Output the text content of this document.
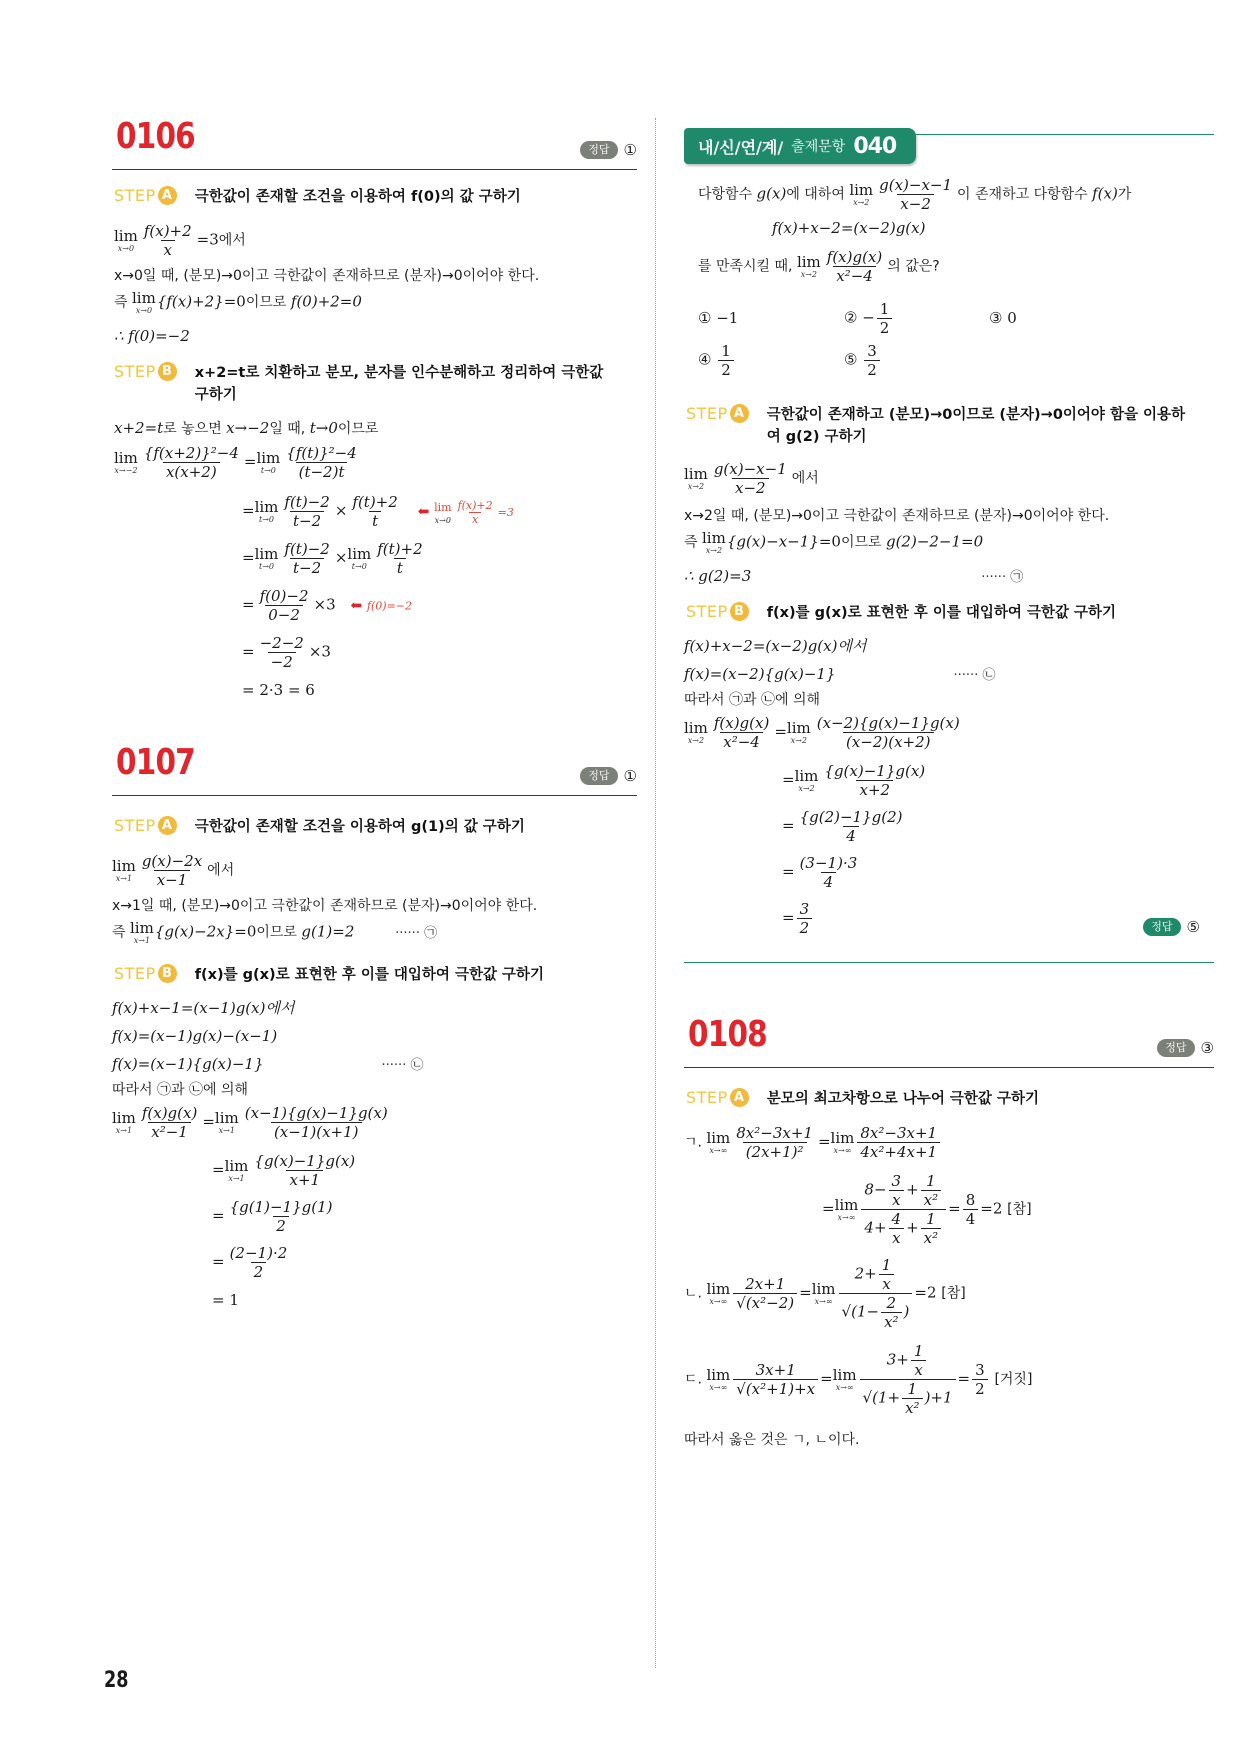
0106	정답 ①
STEP A 극한값이 존재할 조건을 이용하여 f(0)의 값 구하기
lim
$x\to 0 \frac{f(x)+2}{x} =3$에서
x→0일 때, (분모)→0이고 극한값이 존재하므로 (분자)→0이어야 한다.
즉 lim
x→0 {f(x)+2}=0이므로 f(0)+2=0
∴ f(0)=−2
STEP B x+2=t로 치환하고 분모, 분자를 인수분해하고 정리하여 극한값 구하기
x+2=t로 놓으면 x→−2일 때, t→0이므로
lim
$x\to-2 \frac{\text{\{f(x+2)\}²−4}}{x(x+2)} = \lim$
$t\to 0 \frac{\text{\{f(t)\}²−4}}{(t-2)t}$
= lim
$t\to 0 \frac{f(t)-2}{t-2} \times \frac{f(t)+2}{t}$ ⬅ lim
$x\to 0 \frac{f(x)+2}{x} =3$
= lim
$t\to 0 \frac{f(t)-2}{t-2} \times \lim$
$t\to 0 \frac{f(t)+2}{t}$
= $\frac{f(0)-2}{0-2} \times 3$ ⬅ f(0)=−2
= $\frac{-2-2}{-2} \times 3$
= 2·3 = 6
0107	정답 ①
STEP A 극한값이 존재할 조건을 이용하여 g(1)의 값 구하기
lim
$x\to 1 \frac{g(x)-2x}{x-1}$ 에서
x→1일 때, (분모)→0이고 극한값이 존재하므로 (분자)→0이어야 한다.
즉 lim
x→1 {g(x)−2x}=0이므로 g(1)=2	······ ㉠
STEP B f(x)를 g(x)로 표현한 후 이를 대입하여 극한값 구하기
f(x)+x−1=(x−1)g(x)에서
f(x)=(x−1)g(x)−(x−1)
f(x)=(x−1){g(x)−1}	······ ㉡
따라서 ㉠과 ㉡에 의해
lim
$x\to 1 \frac{f(x)g(x)}{\text{x²−1}} = \lim$
$x\to 1 \frac{(x-1)\{g(x)-1\}g(x)}{(x-1)(x+1)}$
= lim
$x\to 1 \frac{\{g(x)-1\}g(x)}{x+1}$
= $\frac{\{g(1)-1\}g(1)}{2}$
= $\frac{(2-1)\cdot 2}{2}$
= 1
내/신/연/계/ 출제문항 040
다항함수 g(x)에 대하여 lim
$x\to 2 \frac{g(x)-x-1}{x-2}$ 이 존재하고 다항함수 f(x)가
f(x)+x−2=(x−2)g(x)
를 만족시킬 때, lim
$x\to 2 \frac{f(x)g(x)}{\text{x²−4}}$ 의 값은?
① −1	② − $\frac{1}{2}$	③ 0
④ $\frac{1}{2}$	⑤ $\frac{3}{2}$
STEP A 극한값이 존재하고 (분모)→0이므로 (분자)→0이어야 함을 이용하여 g(2) 구하기
lim
$x\to 2 \frac{g(x)-x-1}{x-2}$ 에서
x→2일 때, (분모)→0이고 극한값이 존재하므로 (분자)→0이어야 한다.
즉 lim
x→2 {g(x)−x−1}=0이므로 g(2)−2−1=0
∴ g(2)=3	······ ㉠
STEP B f(x)를 g(x)로 표현한 후 이를 대입하여 극한값 구하기
f(x)+x−2=(x−2)g(x)에서
f(x)=(x−2){g(x)−1}	······ ㉡
따라서 ㉠과 ㉡에 의해
lim
$x\to 2 \frac{f(x)g(x)}{\text{x²−4}} = \lim$
$x\to 2 \frac{(x-2)\{g(x)-1\}g(x)}{(x-2)(x+2)}$
= lim
$x\to 2 \frac{\{g(x)-1\}g(x)}{x+2}$
= $\frac{\{g(2)-1\}g(2)}{4}$
= $\frac{(3-1)\cdot 3}{4}$
= $\frac{3}{2}$	정답 ⑤
0108	정답 ③
STEP A 분모의 최고차항으로 나누어 극한값 구하기
ㄱ. lim
$x\to\infty \frac{\text{8x²−3x+1}}{\text{(2x+1)²}} = \lim$
$x\to\infty \frac{\text{8x²−3x+1}}{\text{4x²+4x+1}}$
= lim
$x\to\infty \frac{8- \frac{3}{x} + \frac{1}{\text{x²}}}{4+ \frac{4}{x} + \frac{1}{\text{x²}}} = \frac{8}{4} =2$ [참]
ㄴ. lim
$x\to\infty \frac{2x+1}{\text{√(x²−2)}} = \lim$
$x\to\infty \frac{2+ \frac{1}{x}}{√(1- \frac{2}{\text{x²}} )} =2$ [참]
ㄷ. lim
$x\to\infty \frac{3x+1}{\text{√(x²+1)+x}} = \lim$
$x\to\infty \frac{3+ \frac{1}{x}}{√(1+ \frac{1}{\text{x²}} )+1} = \frac{3}{2}$ [거짓]
따라서 옳은 것은 ㄱ, ㄴ이다.
28
